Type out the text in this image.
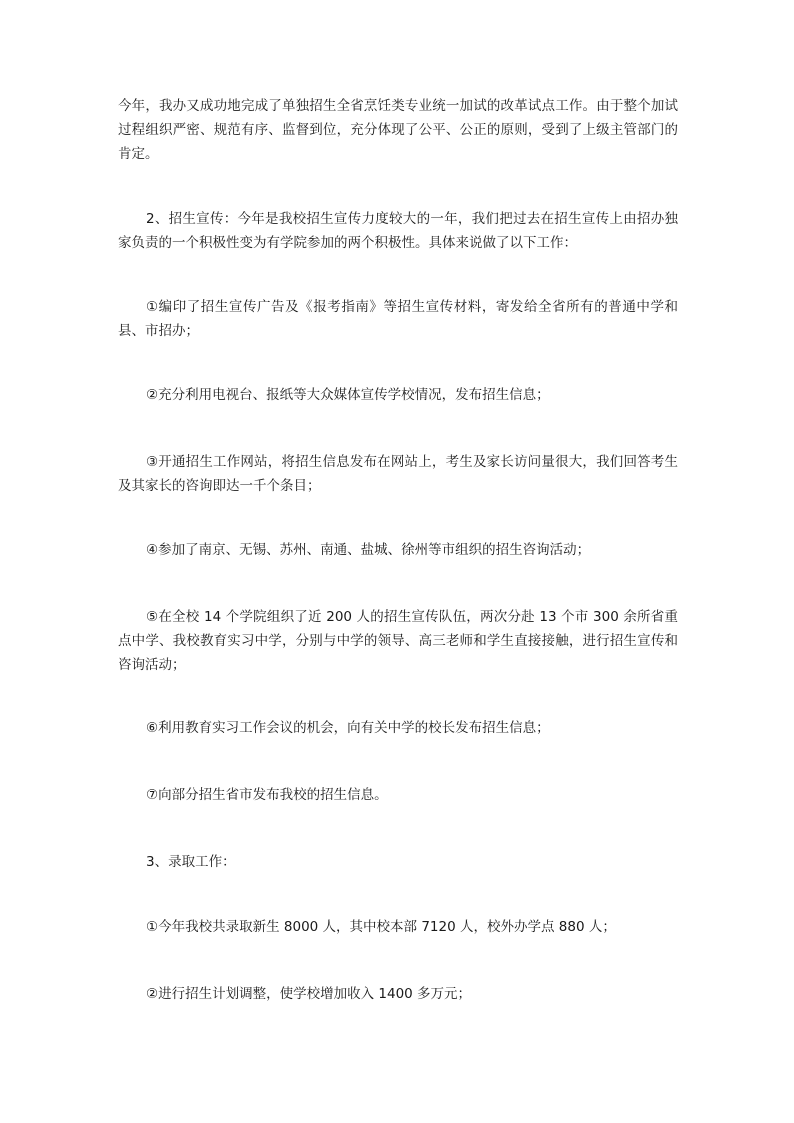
今年，我办又成功地完成了单独招生全省烹饪类专业统一加试的改革试点工作。由于整个加试过程组织严密、规范有序、监督到位，充分体现了公平、公正的原则，受到了上级主管部门的肯定。

2、招生宣传：今年是我校招生宣传力度较大的一年，我们把过去在招生宣传上由招办独家负责的一个积极性变为有学院参加的两个积极性。具体来说做了以下工作：

①编印了招生宣传广告及《报考指南》等招生宣传材料，寄发给全省所有的普通中学和县、市招办；

②充分利用电视台、报纸等大众媒体宣传学校情况，发布招生信息；

③开通招生工作网站，将招生信息发布在网站上，考生及家长访问量很大，我们回答考生及其家长的咨询即达一千个条目；

④参加了南京、无锡、苏州、南通、盐城、徐州等市组织的招生咨询活动；

⑤在全校 14 个学院组织了近 200 人的招生宣传队伍，两次分赴 13 个市 300 余所省重点中学、我校教育实习中学，分别与中学的领导、高三老师和学生直接接触，进行招生宣传和咨询活动；

⑥利用教育实习工作会议的机会，向有关中学的校长发布招生信息；

⑦向部分招生省市发布我校的招生信息。

3、录取工作：

①今年我校共录取新生 8000 人，其中校本部 7120 人，校外办学点 880 人；

②进行招生计划调整，使学校增加收入 1400 多万元；
